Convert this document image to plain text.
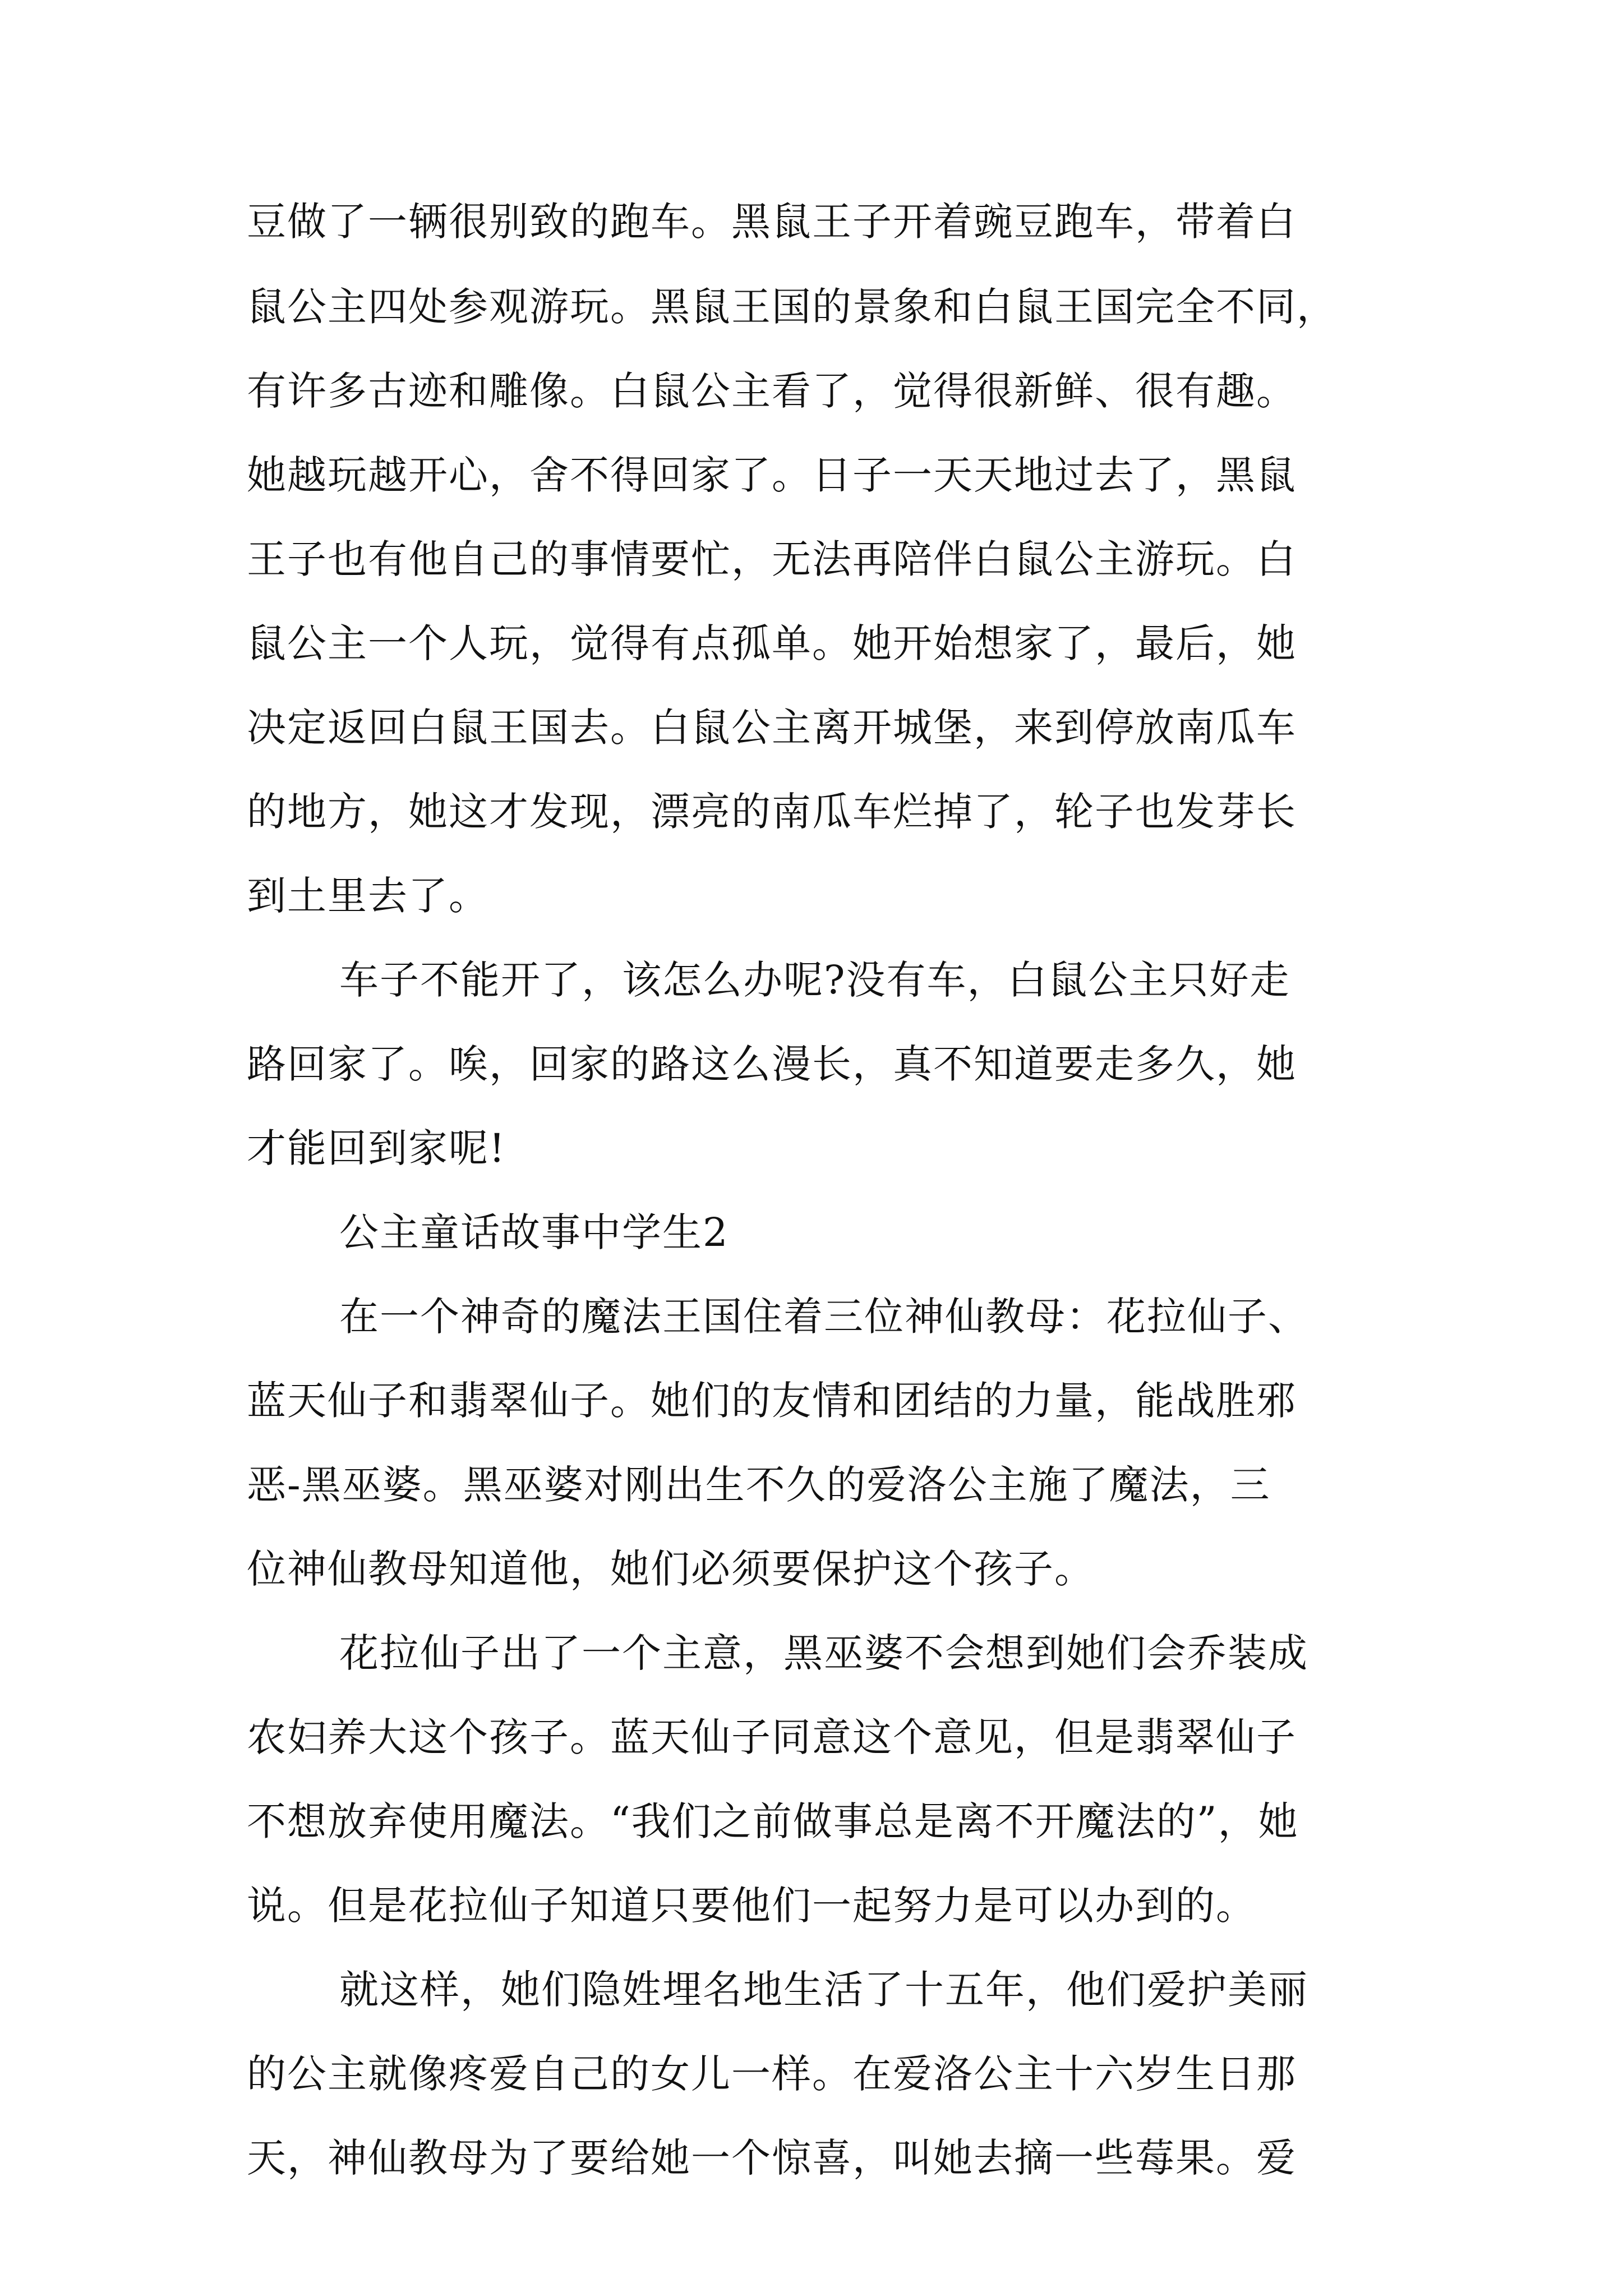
豆做了一辆很别致的跑车。黑鼠王子开着豌豆跑车，带着白

鼠公主四处参观游玩。黑鼠王国的景象和白鼠王国完全不同，

有许多古迹和雕像。白鼠公主看了，觉得很新鲜、很有趣。

她越玩越开心，舍不得回家了。日子一天天地过去了，黑鼠

王子也有他自己的事情要忙，无法再陪伴白鼠公主游玩。白

鼠公主一个人玩，觉得有点孤单。她开始想家了，最后，她

决定返回白鼠王国去。白鼠公主离开城堡，来到停放南瓜车

的地方，她这才发现，漂亮的南瓜车烂掉了，轮子也发芽长

到土里去了。

车子不能开了，该怎么办呢?没有车，白鼠公主只好走

路回家了。唉，回家的路这么漫长，真不知道要走多久，她

才能回到家呢!

公主童话故事中学生2

在一个神奇的魔法王国住着三位神仙教母：花拉仙子、

蓝天仙子和翡翠仙子。她们的友情和团结的力量，能战胜邪

恶-黑巫婆。黑巫婆对刚出生不久的爱洛公主施了魔法，三

位神仙教母知道他，她们必须要保护这个孩子。

花拉仙子出了一个主意，黑巫婆不会想到她们会乔装成

农妇养大这个孩子。蓝天仙子同意这个意见，但是翡翠仙子

不想放弃使用魔法。“我们之前做事总是离不开魔法的”，她

说。但是花拉仙子知道只要他们一起努力是可以办到的。

就这样，她们隐姓埋名地生活了十五年，他们爱护美丽

的公主就像疼爱自己的女儿一样。在爱洛公主十六岁生日那

天，神仙教母为了要给她一个惊喜，叫她去摘一些莓果。爱
